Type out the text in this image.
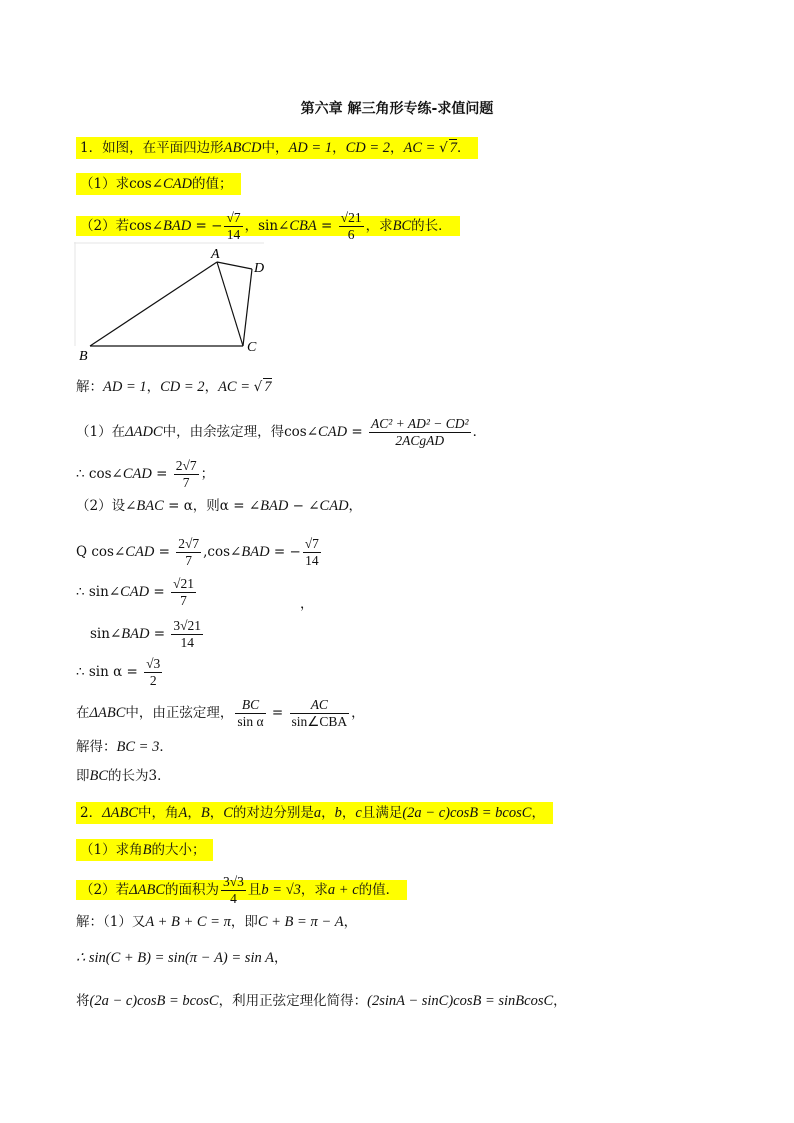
第六章 解三角形专练-求值问题
1．如图，在平面四边形ABCD中，AD = 1，CD = 2，AC = √ 7．
（1）求cos∠CAD的值；
（2）若cos∠BAD = − $\frac{√7}{14}$ ，sin∠CBA = $\frac{√21}{6}$ ，求BC的长．
A
D
B
C
解：AD = 1，CD = 2，AC = √ 7
（1）在ΔADC中，由余弦定理，得cos∠CAD = $\frac{\text{AC² + AD² − CD²}}{\text{2ACgAD}}$ ．
∴ cos∠CAD = $\frac{2√7}{7}$ ；
（2）设∠BAC = α，则α = ∠BAD − ∠CAD，
Q cos∠CAD = $\frac{2√7}{7}$ ,cos∠BAD = − $\frac{√7}{14}$
∴ sin∠CAD = $\frac{√21}{7}$	，
sin∠BAD = $\frac{3√21}{14}$
∴ $\sin \alpha = \frac{√3}{2}$
在ΔABC中，由正弦定理， $\frac{BC}{\text{sin α}} = \frac{AC}{\text{sin∠CBA}}$ ，
解得：BC = 3．
即BC的长为3．
2．ΔABC中，角A，B，C的对边分别是a，b，c且满足(2a − c)cosB = bcosC，
（1）求角B的大小；
（2）若ΔABC的面积为 $\frac{3√3}{4}$ 且b = √3，求a + c的值．
解：（1）又A + B + C = π，即C + B = π − A，
∴ sin(C + B) = sin(π − A) = sin A，
将(2a − c)cosB = bcosC，利用正弦定理化简得：(2sinA − sinC)cosB = sinBcosC，
